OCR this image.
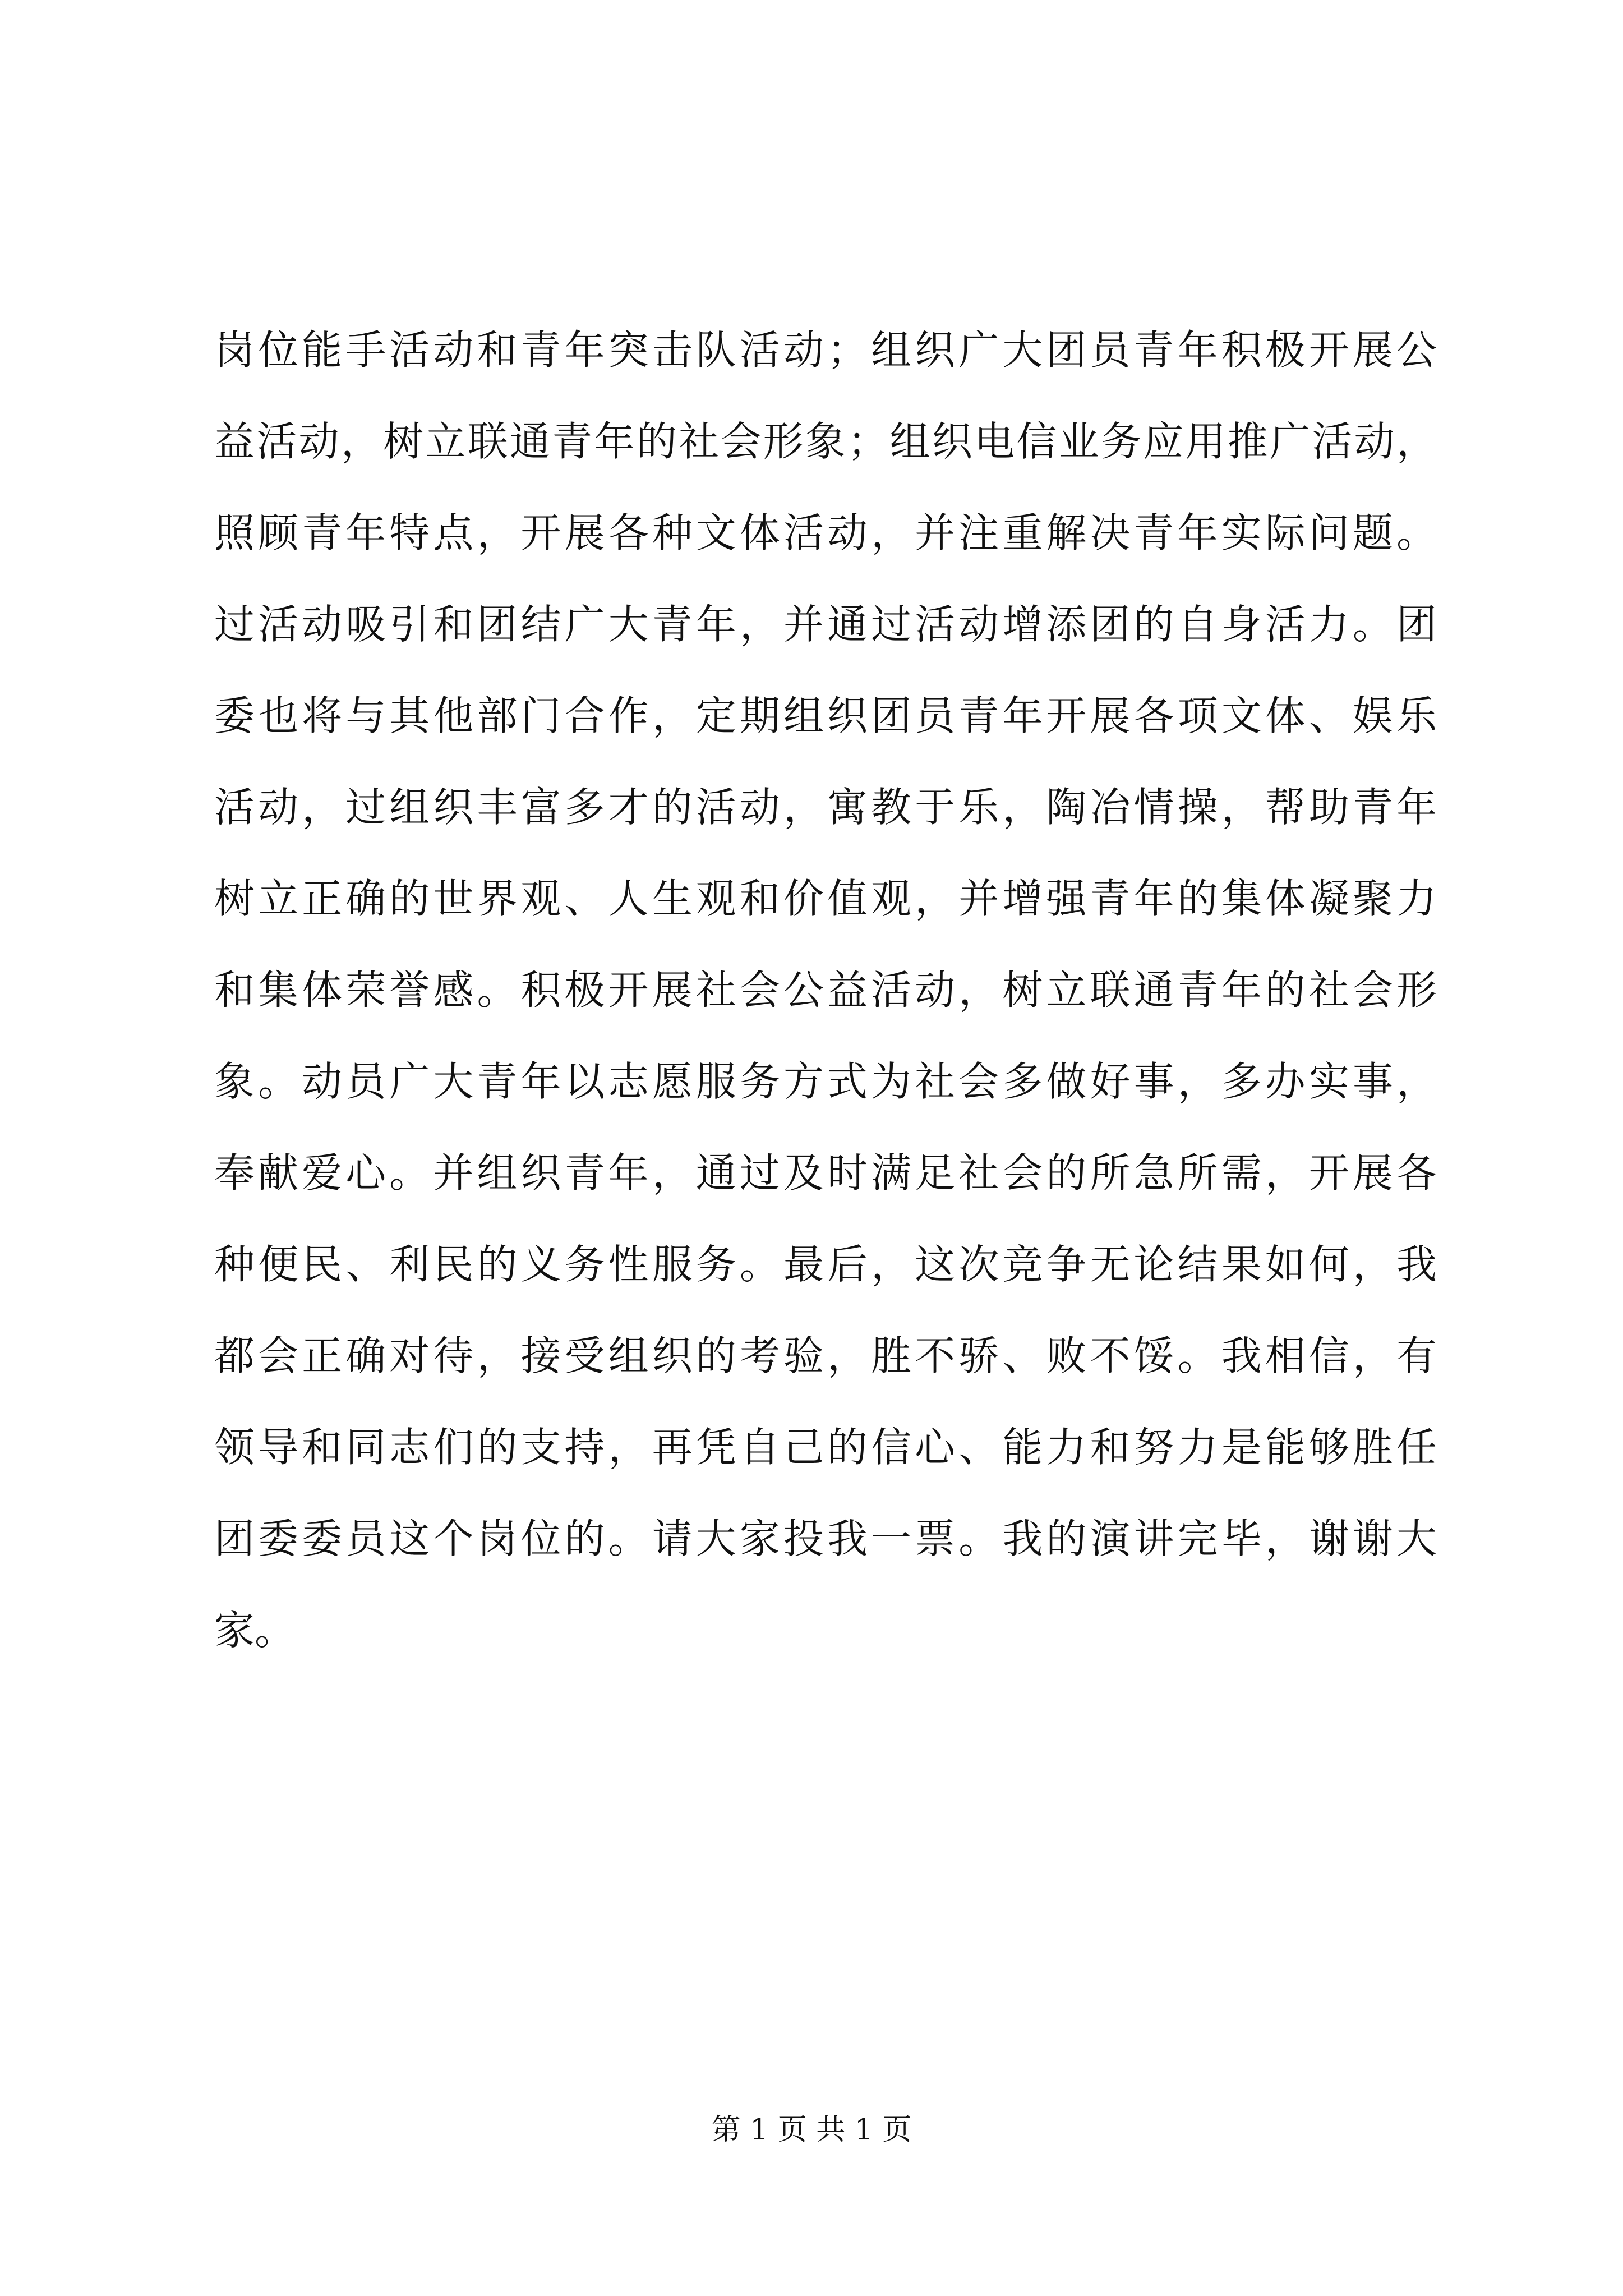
岗位能手活动和青年突击队活动；组织广大团员青年积极开展公
益活动，树立联通青年的社会形象；组织电信业务应用推广活动，
照顾青年特点，开展各种文体活动，并注重解决青年实际问题。
过活动吸引和团结广大青年，并通过活动增添团的自身活力。团
委也将与其他部门合作，定期组织团员青年开展各项文体、娱乐
活动，过组织丰富多才的活动，寓教于乐，陶冶情操，帮助青年
树立正确的世界观、人生观和价值观，并增强青年的集体凝聚力
和集体荣誉感。积极开展社会公益活动，树立联通青年的社会形
象。动员广大青年以志愿服务方式为社会多做好事，多办实事，
奉献爱心。并组织青年，通过及时满足社会的所急所需，开展各
种便民、利民的义务性服务。最后，这次竞争无论结果如何，我
都会正确对待，接受组织的考验，胜不骄、败不馁。我相信，有
领导和同志们的支持，再凭自己的信心、能力和努力是能够胜任
团委委员这个岗位的。请大家投我一票。我的演讲完毕，谢谢大
家。
第 1 页 共 1 页
